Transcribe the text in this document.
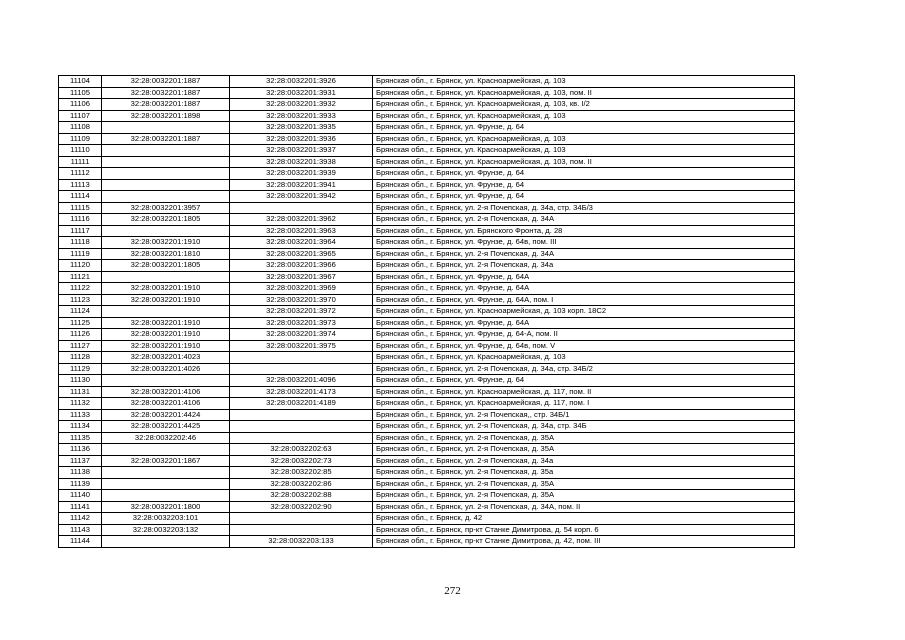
11104	32:28:0032201:1887	32:28:0032201:3926	Брянская обл., г. Брянск, ул. Красноармейская, д. 103
11105	32:28:0032201:1887	32:28:0032201:3931	Брянская обл., г. Брянск, ул. Красноармейская, д. 103, пом. II
11106	32:28:0032201:1887	32:28:0032201:3932	Брянская обл., г. Брянск, ул. Красноармейская, д. 103, кв. I/2
11107	32:28:0032201:1898	32:28:0032201:3933	Брянская обл., г. Брянск, ул. Красноармейская, д. 103
11108		32:28:0032201:3935	Брянская обл., г. Брянск, ул. Фрунзе, д. 64
11109	32:28:0032201:1887	32:28:0032201:3936	Брянская обл., г. Брянск, ул. Красноармейская, д. 103
11110		32:28:0032201:3937	Брянская обл., г. Брянск, ул. Красноармейская, д. 103
11111		32:28:0032201:3938	Брянская обл., г. Брянск, ул. Красноармейская, д. 103, пом. II
11112		32:28:0032201:3939	Брянская обл., г. Брянск, ул. Фрунзе, д. 64
11113		32:28:0032201:3941	Брянская обл., г. Брянск, ул. Фрунзе, д. 64
11114		32:28:0032201:3942	Брянская обл., г. Брянск, ул. Фрунзе, д. 64
11115	32:28:0032201:3957		Брянская обл., г. Брянск, ул. 2-я Почепская, д. 34а, стр. 34Б/3
11116	32:28:0032201:1805	32:28:0032201:3962	Брянская обл., г. Брянск, ул. 2-я Почепская, д. 34А
11117		32:28:0032201:3963	Брянская обл., г. Брянск, ул. Брянского Фронта, д. 28
11118	32:28:0032201:1910	32:28:0032201:3964	Брянская обл., г. Брянск, ул. Фрунзе, д. 64в, пом. III
11119	32:28:0032201:1810	32:28:0032201:3965	Брянская обл., г. Брянск, ул. 2-я Почепская, д. 34А
11120	32:28:0032201:1805	32:28:0032201:3966	Брянская обл., г. Брянск, ул. 2-я Почепская, д. 34а
11121		32:28:0032201:3967	Брянская обл., г. Брянск, ул. Фрунзе, д. 64А
11122	32:28:0032201:1910	32:28:0032201:3969	Брянская обл., г. Брянск, ул. Фрунзе, д. 64А
11123	32:28:0032201:1910	32:28:0032201:3970	Брянская обл., г. Брянск, ул. Фрунзе, д. 64А, пом. I
11124		32:28:0032201:3972	Брянская обл., г. Брянск, ул. Красноармейская, д. 103 корп. 18С2
11125	32:28:0032201:1910	32:28:0032201:3973	Брянская обл., г. Брянск, ул. Фрунзе, д. 64А
11126	32:28:0032201:1910	32:28:0032201:3974	Брянская обл., г. Брянск, ул. Фрунзе, д. 64-А, пом. II
11127	32:28:0032201:1910	32:28:0032201:3975	Брянская обл., г. Брянск, ул. Фрунзе, д. 64в, пом. V
11128	32:28:0032201:4023		Брянская обл., г. Брянск, ул. Красноармейская, д. 103
11129	32:28:0032201:4026		Брянская обл., г. Брянск, ул. 2-я Почепская, д. 34а, стр. 34Б/2
11130		32:28:0032201:4096	Брянская обл., г. Брянск, ул. Фрунзе, д. 64
11131	32:28:0032201:4106	32:28:0032201:4173	Брянская обл., г. Брянск, ул. Красноармейская, д. 117, пом. II
11132	32:28:0032201:4106	32:28:0032201:4189	Брянская обл., г. Брянск, ул. Красноармейская, д. 117, пом. I
11133	32:28:0032201:4424		Брянская обл., г. Брянск, ул. 2-я Почепская,, стр. 34Б/1
11134	32:28:0032201:4425		Брянская обл., г. Брянск, ул. 2-я Почепская, д. 34а, стр. 34Б
11135	32:28:0032202:46		Брянская обл., г. Брянск, ул. 2-я Почепская, д. 35А
11136		32:28:0032202:63	Брянская обл., г. Брянск, ул. 2-я Почепская, д. 35А
11137	32:28:0032201:1867	32:28:0032202:73	Брянская обл., г. Брянск, ул. 2-я Почепская, д. 34а
11138		32:28:0032202:85	Брянская обл., г. Брянск, ул. 2-я Почепская, д. 35а
11139		32:28:0032202:86	Брянская обл., г. Брянск, ул. 2-я Почепская, д. 35А
11140		32:28:0032202:88	Брянская обл., г. Брянск, ул. 2-я Почепская, д. 35А
11141	32:28:0032201:1800	32:28:0032202:90	Брянская обл., г. Брянск, ул. 2-я Почепская, д. 34А, пом. II
11142	32:28:0032203:101		Брянская обл., г. Брянск, д. 42
11143	32:28:0032203:132		Брянская обл., г. Брянск, пр-кт Станке Димитрова, д. 54 корп. 6
11144		32:28:0032203:133	Брянская обл., г. Брянск, пр-кт Станке Димитрова, д. 42, пом. III
272
